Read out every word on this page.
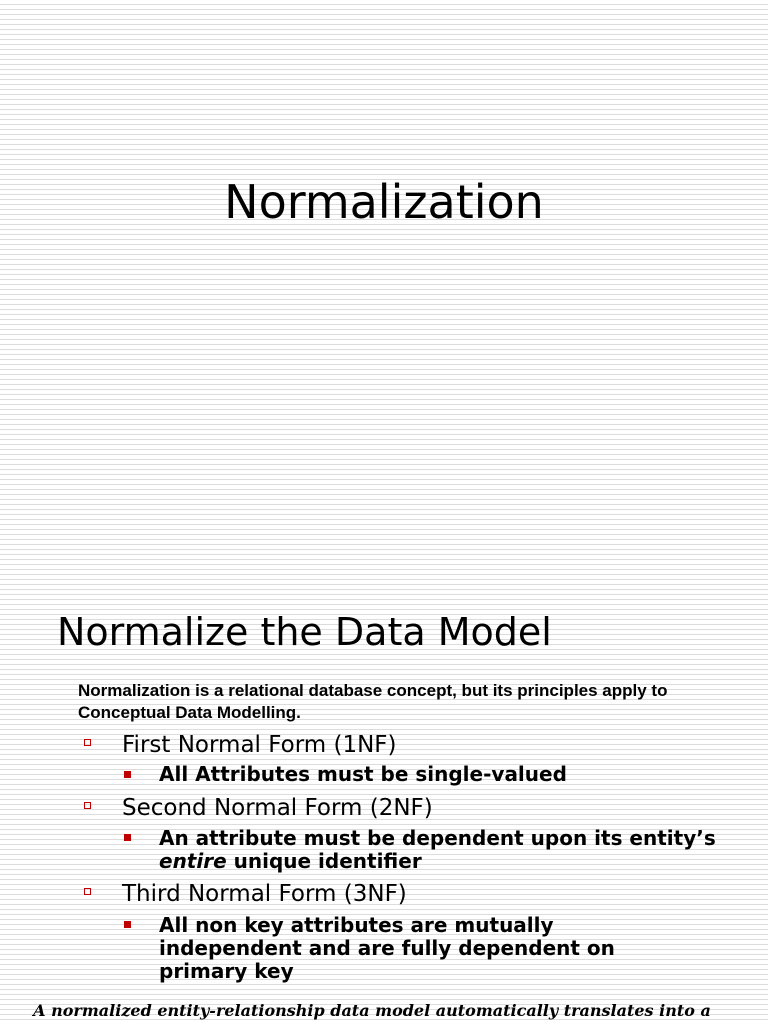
Normalization
Normalize the Data Model

Normalization is a relational database concept, but its principles apply to Conceptual Data Modelling.

First Normal Form (1NF)
All Attributes must be single-valued
Second Normal Form (2NF)
An attribute must be dependent upon its entity’s entire unique identifier
Third Normal Form (3NF)
All non key attributes are mutually independent and are fully dependent on primary key

A normalized entity-relationship data model automatically translates into a
